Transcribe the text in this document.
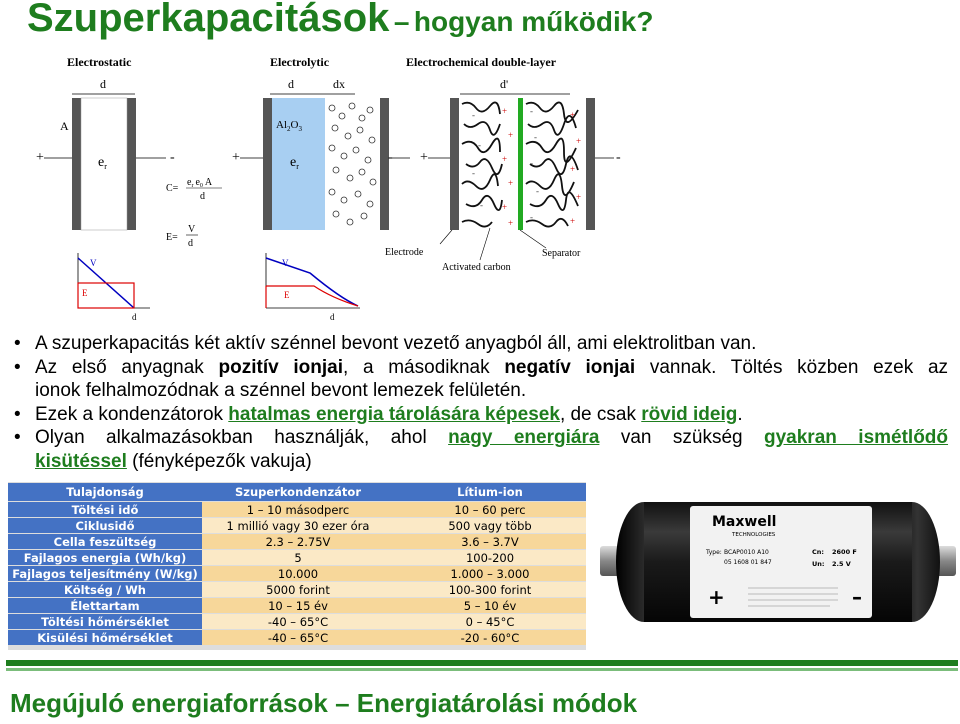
Szuperkapacitások – hogyan működik?
Electrostatic
d
A
$e_r$
+	-
C=
$e_r$ $e_0$ A
d
E=
V
d
V
E
d
Electrolytic
d	dx
$Al_2O_3$
$e_r$
+	-
V
E
d
Electrochemical double-layer
d'
+
+
+
+
+
+
-
-
-
-
-
-
-
-
-
+
+
+
+
+
+	-
Electrode
Activated carbon
Separator
• A szuperkapacitás két aktív szénnel bevont vezető anyagból áll, ami elektrolitban van.
• Az első anyagnak pozitív ionjai, a másodiknak negatív ionjai vannak. Töltés közben ezek az
ionok felhalmozódnak a szénnel bevont lemezek felületén.
• Ezek a kondenzátorok hatalmas energia tárolására képesek, de csak rövid ideig.
• Olyan alkalmazásokban használják, ahol nagy energiára van szükség gyakran ismétlődő
kisütéssel (fényképezők vakuja)
Tulajdonság	Szuperkondenzátor	Lítium-ion
Töltési idő	1 – 10 másodperc	10 – 60 perc
Ciklusidő	1 millió vagy 30 ezer óra	500 vagy több
Cella feszültség	2.3 – 2.75V	3.6 – 3.7V
Fajlagos energia (Wh/kg)	5	100-200
Fajlagos teljesítmény (W/kg)	10.000	1.000 – 3.000
Költség / Wh	5000 forint	100-300 forint
Élettartam	10 – 15 év	5 – 10 év
Töltési hőmérséklet	-40 – 65°C	0 – 45°C
Kisülési hőmérséklet	-40 – 65°C	-20 - 60°C
Maxwell
TECHNOLOGIES
Type: BCAP0010 A10
05 1608 01 847
Cn: 2600 F
Un: 2.5 V
+	–
Megújuló energiaforrások – Energiatárolási módok
